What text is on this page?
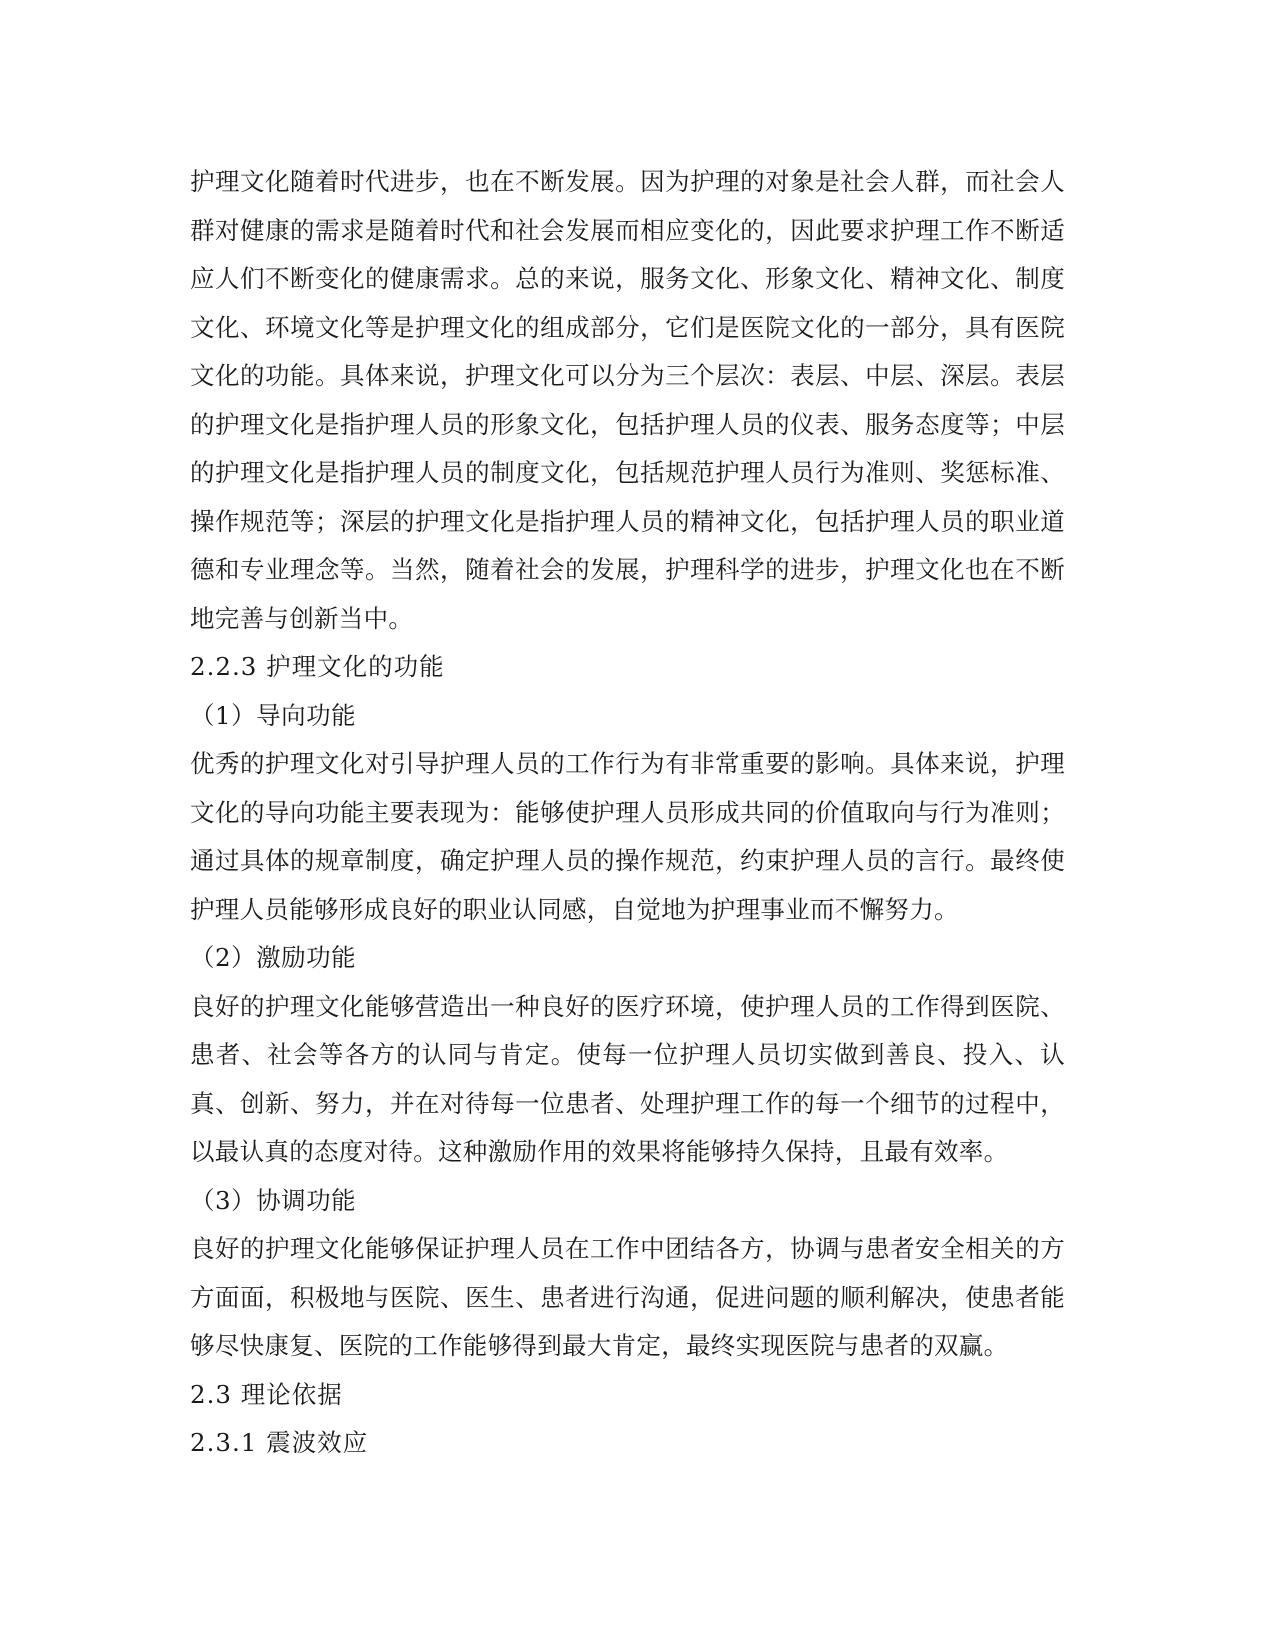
护理文化随着时代进步，也在不断发展。因为护理的对象是社会人群，而社会人群对健康的需求是随着时代和社会发展而相应变化的，因此要求护理工作不断适应人们不断变化的健康需求。总的来说，服务文化、形象文化、精神文化、制度文化、环境文化等是护理文化的组成部分，它们是医院文化的一部分，具有医院文化的功能。具体来说，护理文化可以分为三个层次：表层、中层、深层。表层的护理文化是指护理人员的形象文化，包括护理人员的仪表、服务态度等；中层的护理文化是指护理人员的制度文化，包括规范护理人员行为准则、奖惩标准、操作规范等；深层的护理文化是指护理人员的精神文化，包括护理人员的职业道德和专业理念等。当然，随着社会的发展，护理科学的进步，护理文化也在不断地完善与创新当中。

2.2.3 护理文化的功能
（1）导向功能

优秀的护理文化对引导护理人员的工作行为有非常重要的影响。具体来说，护理文化的导向功能主要表现为：能够使护理人员形成共同的价值取向与行为准则；通过具体的规章制度，确定护理人员的操作规范，约束护理人员的言行。最终使护理人员能够形成良好的职业认同感，自觉地为护理事业而不懈努力。

（2）激励功能

良好的护理文化能够营造出一种良好的医疗环境，使护理人员的工作得到医院、患者、社会等各方的认同与肯定。使每一位护理人员切实做到善良、投入、认真、创新、努力，并在对待每一位患者、处理护理工作的每一个细节的过程中，以最认真的态度对待。这种激励作用的效果将能够持久保持，且最有效率。

（3）协调功能

良好的护理文化能够保证护理人员在工作中团结各方，协调与患者安全相关的方方面面，积极地与医院、医生、患者进行沟通，促进问题的顺利解决，使患者能够尽快康复、医院的工作能够得到最大肯定，最终实现医院与患者的双赢。

2.3 理论依据
2.3.1 震波效应
